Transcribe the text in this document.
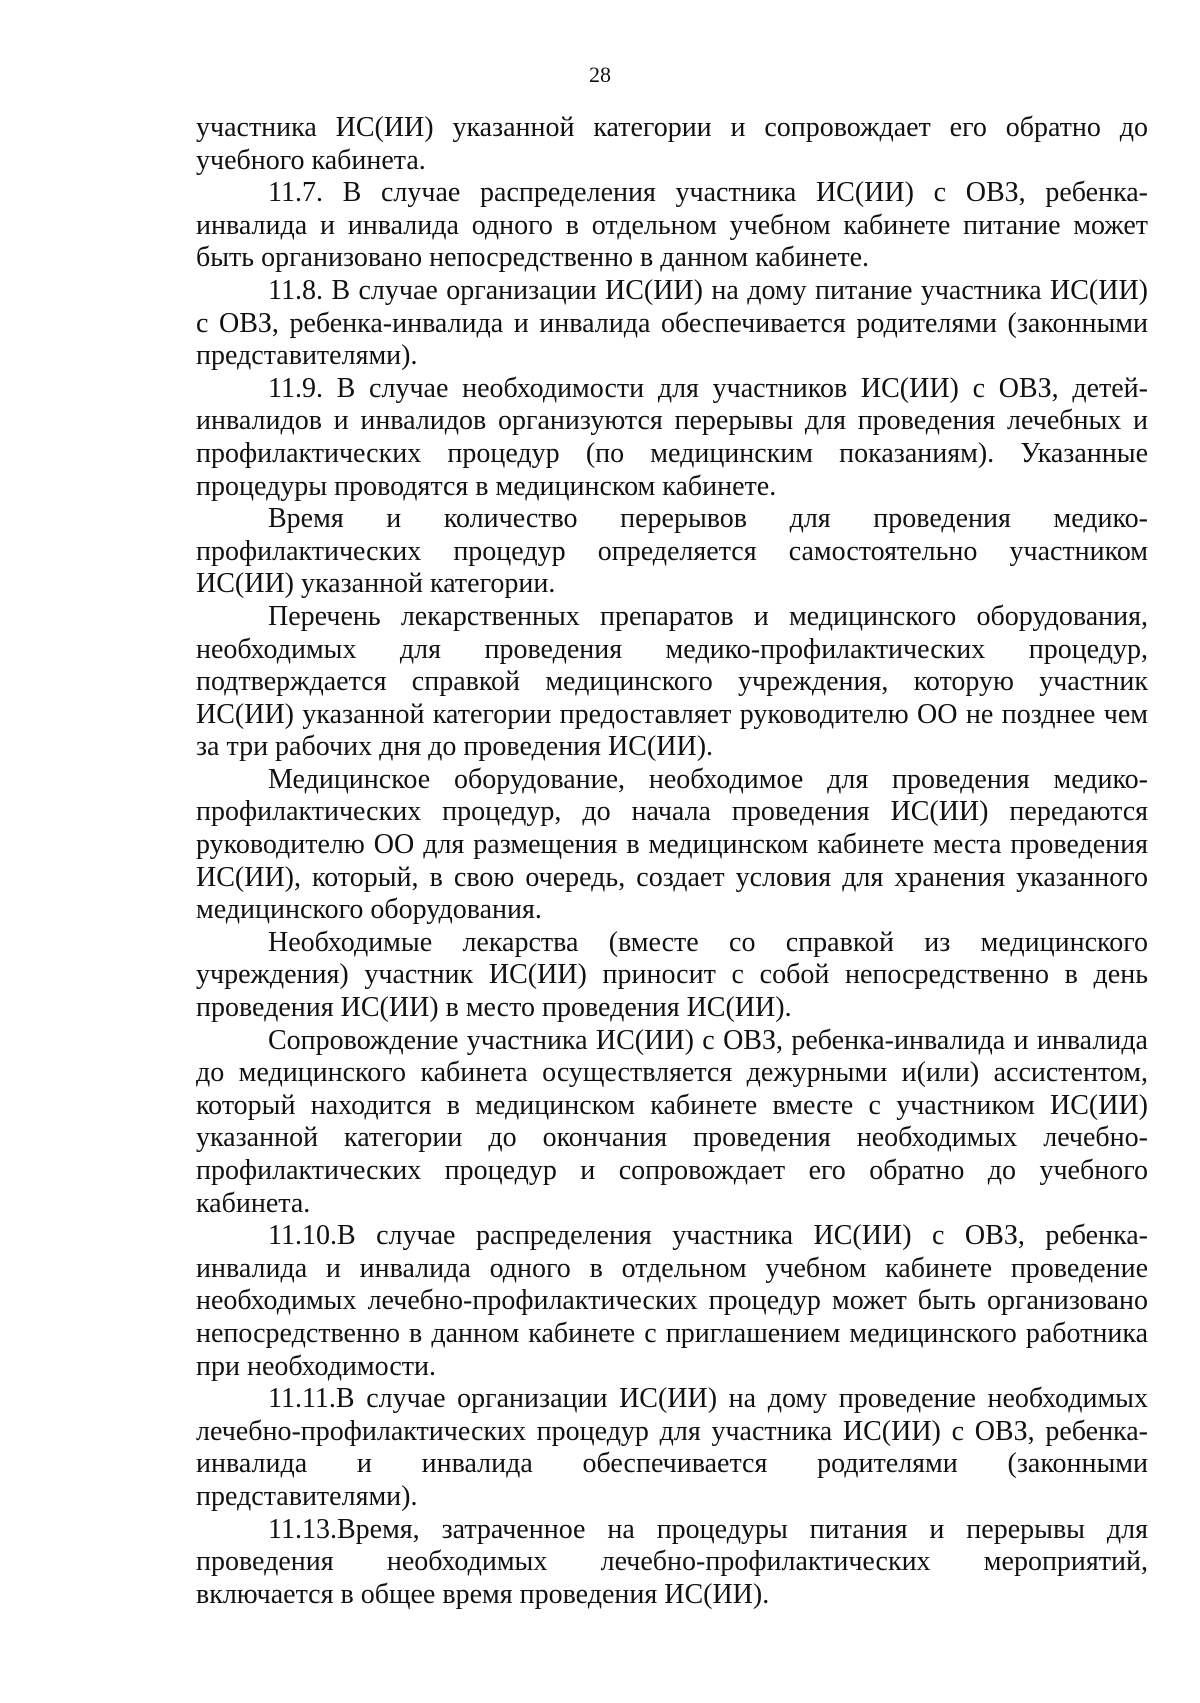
28

участника ИС(ИИ) указанной категории и сопровождает его обратно до учебного кабинета.

11.7. В случае распределения участника ИС(ИИ) с ОВЗ, ребенка-инвалида и инвалида одного в отдельном учебном кабинете питание может быть организовано непосредственно в данном кабинете.

11.8. В случае организации ИС(ИИ) на дому питание участника ИС(ИИ) с ОВЗ, ребенка-инвалида и инвалида обеспечивается родителями (законными представителями).

11.9. В случае необходимости для участников ИС(ИИ) с ОВЗ, детей-инвалидов и инвалидов организуются перерывы для проведения лечебных и профилактических процедур (по медицинским показаниям). Указанные процедуры проводятся в медицинском кабинете.

Время и количество перерывов для проведения медико-профилактических процедур определяется самостоятельно участником ИС(ИИ) указанной категории.

Перечень лекарственных препаратов и медицинского оборудования, необходимых для проведения медико-профилактических процедур, подтверждается справкой медицинского учреждения, которую участник ИС(ИИ) указанной категории предоставляет руководителю ОО не позднее чем за три рабочих дня до проведения ИС(ИИ).

Медицинское оборудование, необходимое для проведения медико-профилактических процедур, до начала проведения ИС(ИИ) передаются руководителю ОО для размещения в медицинском кабинете места проведения ИС(ИИ), который, в свою очередь, создает условия для хранения указанного медицинского оборудования.

Необходимые лекарства (вместе со справкой из медицинского учреждения) участник ИС(ИИ) приносит с собой непосредственно в день проведения ИС(ИИ) в место проведения ИС(ИИ).

Сопровождение участника ИС(ИИ) с ОВЗ, ребенка-инвалида и инвалида до медицинского кабинета осуществляется дежурными и(или) ассистентом, который находится в медицинском кабинете вместе с участником ИС(ИИ) указанной категории до окончания проведения необходимых лечебно-профилактических процедур и сопровождает его обратно до учебного кабинета.

11.10.В случае распределения участника ИС(ИИ) с ОВЗ, ребенка-инвалида и инвалида одного в отдельном учебном кабинете проведение необходимых лечебно-профилактических процедур может быть организовано непосредственно в данном кабинете с приглашением медицинского работника при необходимости.

11.11.В случае организации ИС(ИИ) на дому проведение необходимых лечебно-профилактических процедур для участника ИС(ИИ) с ОВЗ, ребенка-инвалида и инвалида обеспечивается родителями (законными представителями).

11.13.Время, затраченное на процедуры питания и перерывы для проведения необходимых лечебно-профилактических мероприятий, включается в общее время проведения ИС(ИИ).
